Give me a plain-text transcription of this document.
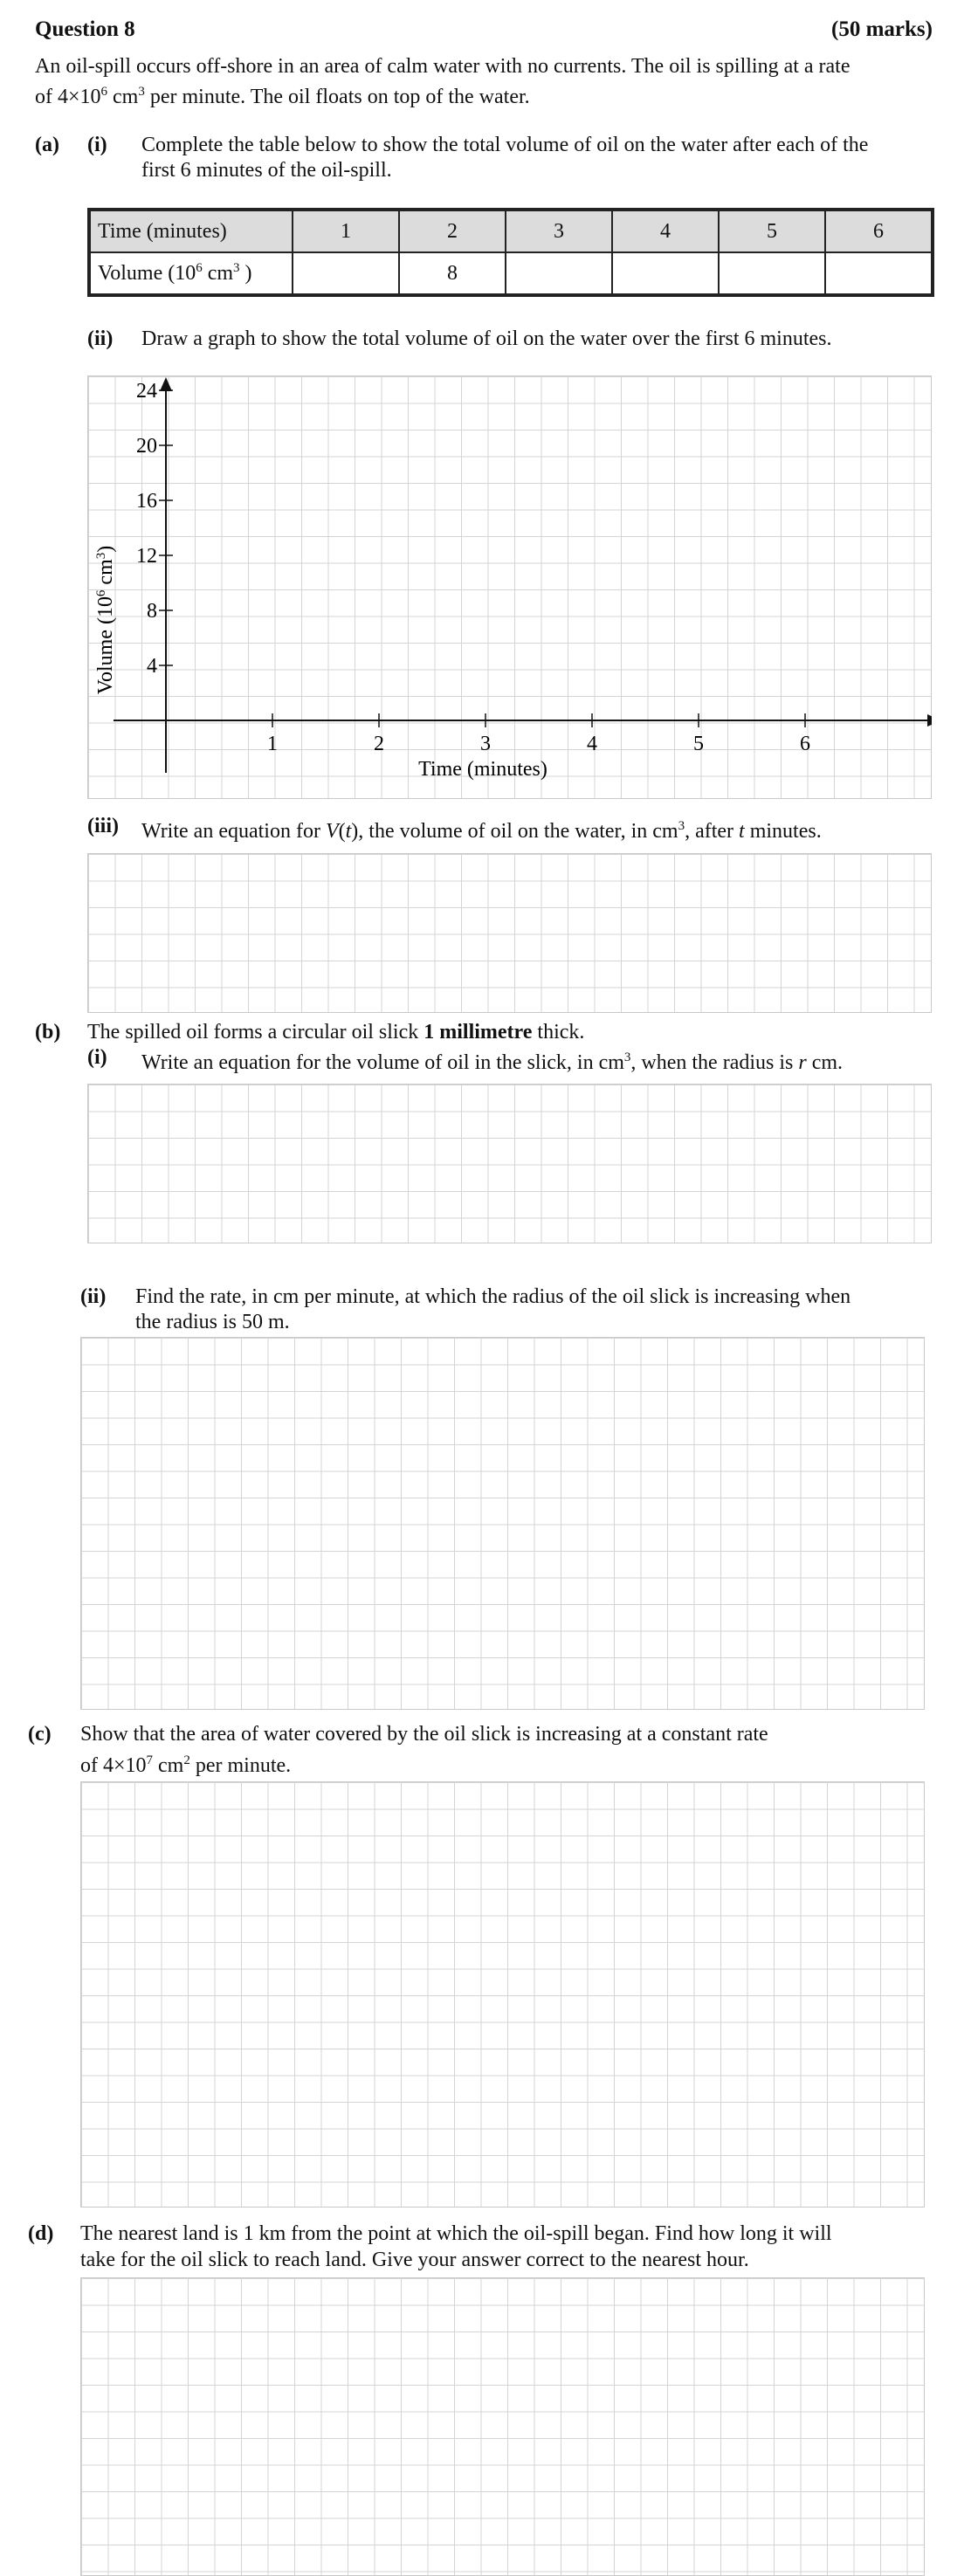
Question 8	(50 marks)
An oil-spill occurs off-shore in an area of calm water with no currents. The oil is spilling at a rate
of $4\times 10^6$ $cm^3$ per minute. The oil floats on top of the water.
(a) (i) Complete the table below to show the total volume of oil on the water after each of the
first 6 minutes of the oil-spill.
Time (minutes)	1	2	3	4	5	6
Volume ($10^6$ $cm^3$ )		8				
(ii) Draw a graph to show the total volume of oil on the water over the first 6 minutes.
1	2	3	4	5	6
4
8
12
16
20
24
Time (minutes)
Volume ($10^6$ $cm^3$)
(iii) Write an equation for V(t), the volume of oil on the water, in $cm^3$, after t minutes.
(b) The spilled oil forms a circular oil slick 1 millimetre thick.
(i) Write an equation for the volume of oil in the slick, in $cm^3$, when the radius is r cm.
(ii) Find the rate, in cm per minute, at which the radius of the oil slick is increasing when
the radius is 50 m.
(c) Show that the area of water covered by the oil slick is increasing at a constant rate
of $4\times 10^7$ $cm^2$ per minute.
(d) The nearest land is 1 km from the point at which the oil-spill began. Find how long it will
take for the oil slick to reach land. Give your answer correct to the nearest hour.
